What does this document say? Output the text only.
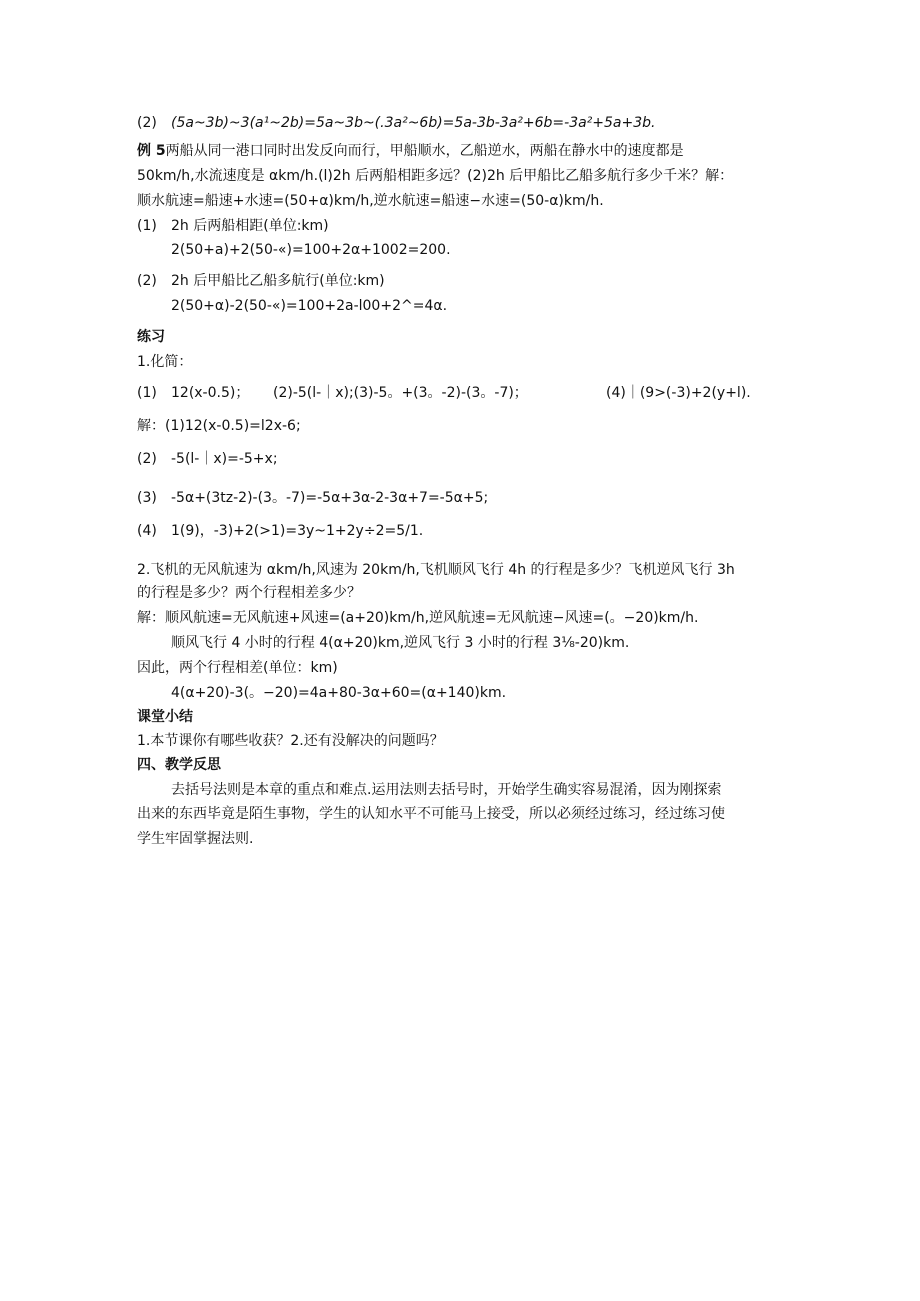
(2) (5a~3b)~3(a¹~2b)=5a~3b~(.3a²~6b)=5a-3b-3a²+6b=-3a²+5a+3b.
例 5两船从同一港口同时出发反向而行，甲船顺水，乙船逆水，两船在静水中的速度都是
50km/h,水流速度是 αkm/h.(l)2h 后两船相距多远？(2)2h 后甲船比乙船多航行多少千米？解：
顺水航速=船速+水速=(50+α)km/h,逆水航速=船速−水速=(50-α)km/h.
(1) 2h 后两船相距(单位:km)
2(50+a)+2(50-«)=100+2α+1002=200.
(2) 2h 后甲船比乙船多航行(单位:km)
2(50+α)-2(50-«)=100+2a-l00+2^=4α.
练习
1.化简：
(1) 12(x-0.5)； (2)-5(l-｜x);(3)-5。+(3。-2)-(3。-7)；	(4)｜(9>(-3)+2(y+l).
解：(1)12(x-0.5)=l2x-6;
(2) -5(l-｜x)=-5+x;
(3) -5α+(3tz-2)-(3。-7)=-5α+3α-2-3α+7=-5α+5;
(4) 1(9)，-3)+2(>1)=3y~1+2y÷2=5/1.
2.飞机的无风航速为 αkm/h,风速为 20km/h,飞机顺风飞行 4h 的行程是多少？飞机逆风飞行 3h
的行程是多少？两个行程相差多少？
解：顺风航速=无风航速+风速=(a+20)km/h,逆风航速=无风航速−风速=(。−20)km/h.
顺风飞行 4 小时的行程 4(α+20)km,逆风飞行 3 小时的行程 3⅛-20)km.
因此，两个行程相差(单位：km)
4(α+20)-3(。−20)=4a+80-3α+60=(α+140)km.
课堂小结
1.本节课你有哪些收获？2.还有没解决的问题吗？
四、教学反思
去括号法则是本章的重点和难点.运用法则去括号时，开始学生确实容易混淆，因为刚探索
出来的东西毕竟是陌生事物，学生的认知水平不可能马上接受，所以必须经过练习，经过练习使
学生牢固掌握法则.
